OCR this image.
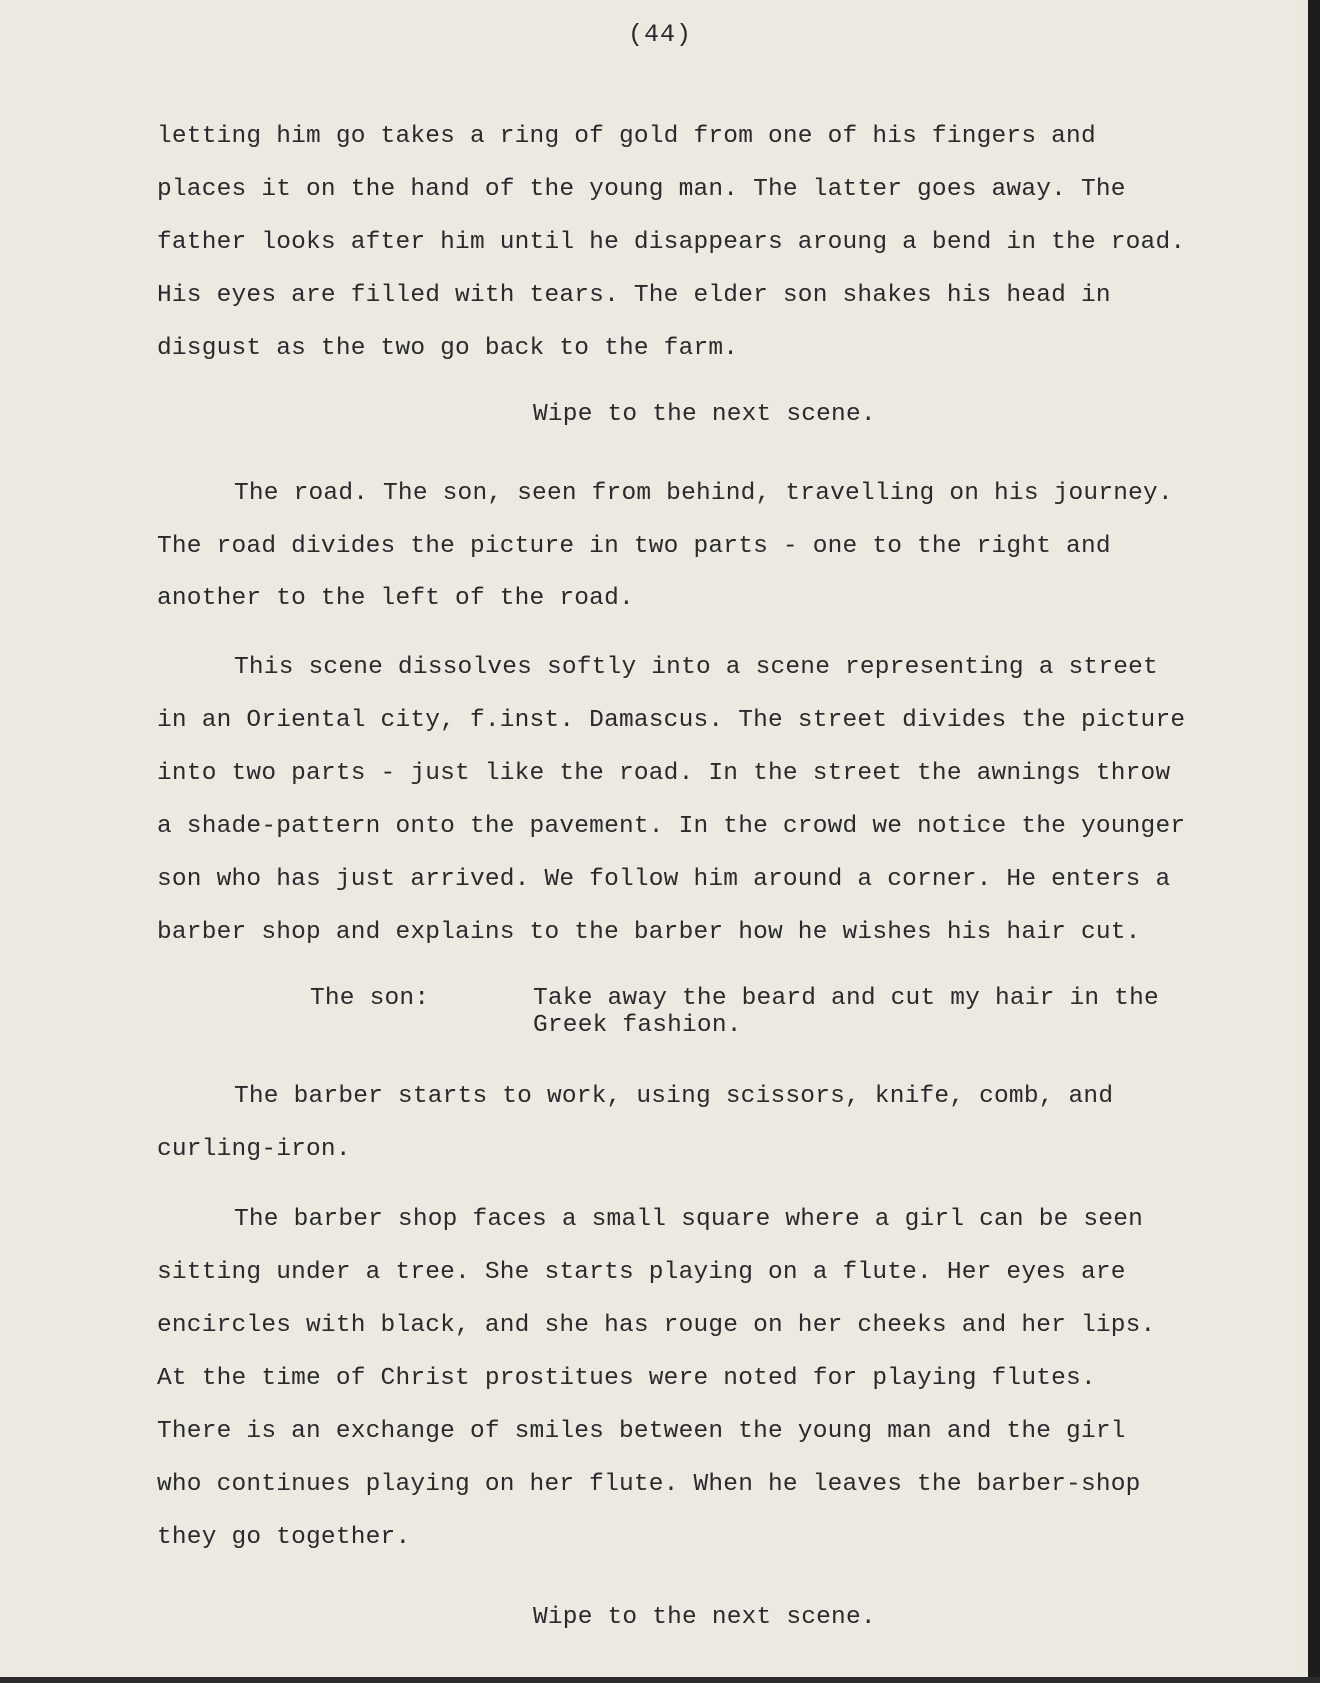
(44)
letting him go takes a ring of gold from one of his fingers and
places it on the hand of the young man. The latter goes away. The
father looks after him until he disappears aroung a bend in the road.
His eyes are filled with tears. The elder son shakes his head in
disgust as the two go back to the farm.
Wipe to the next scene.
The road. The son, seen from behind, travelling on his journey.
The road divides the picture in two parts - one to the right and
another to the left of the road.
This scene dissolves softly into a scene representing a street
in an Oriental city, f.inst. Damascus. The street divides the picture
into two parts - just like the road. In the street the awnings throw
a shade-pattern onto the pavement. In the crowd we notice the younger
son who has just arrived. We follow him around a corner. He enters a
barber shop and explains to the barber how he wishes his hair cut.
The son:	Take away the beard and cut my hair in the
Greek fashion.
The barber starts to work, using scissors, knife, comb, and
curling-iron.
The barber shop faces a small square where a girl can be seen
sitting under a tree. She starts playing on a flute. Her eyes are
encircles with black, and she has rouge on her cheeks and her lips.
At the time of Christ prostitues were noted for playing flutes.
There is an exchange of smiles between the young man and the girl
who continues playing on her flute. When he leaves the barber-shop
they go together.
Wipe to the next scene.
